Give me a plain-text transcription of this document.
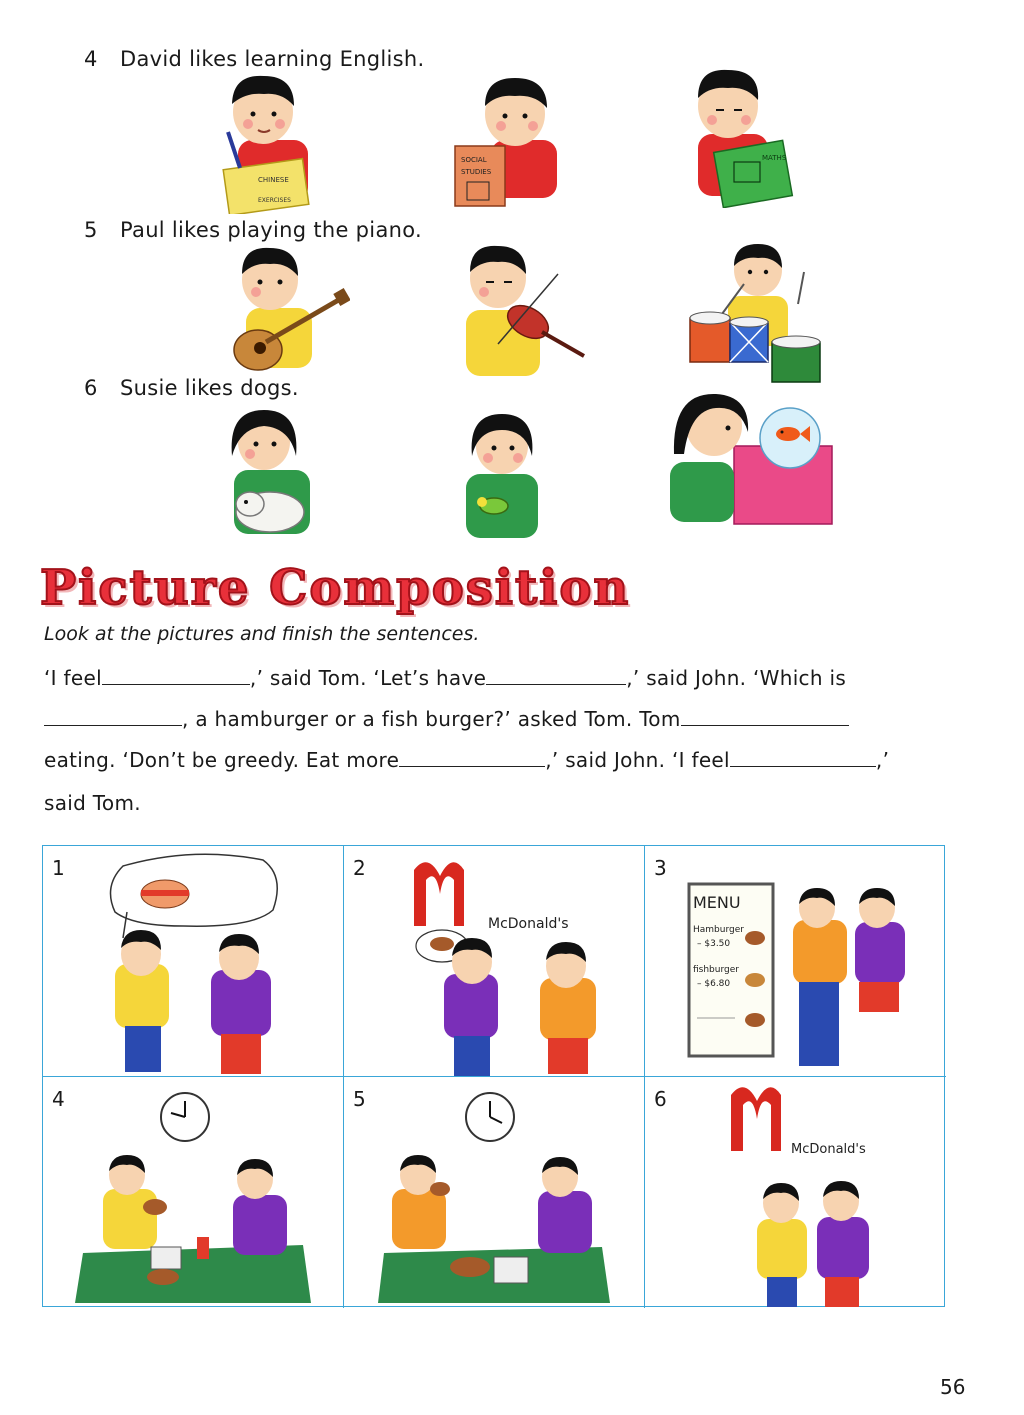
4 David likes learning English.
CHINESE
EXERCISES
SOCIAL
STUDIES
MATHS
5 Paul likes playing the piano.
6 Susie likes dogs.
Picture Composition
Look at the pictures and finish the sentences.
‘I feel	,’ said Tom. ‘Let’s have	,’ said John. ‘Which is
, a hamburger or a fish burger?’ asked Tom. Tom
eating. ‘Don’t be greedy. Eat more	,’ said John. ‘I feel	,’
said Tom.
1
McDonald's
2
MENU
Hamburger
– $3.50
fishburger
– $6.80
3
4	5
McDonald's
6
56
